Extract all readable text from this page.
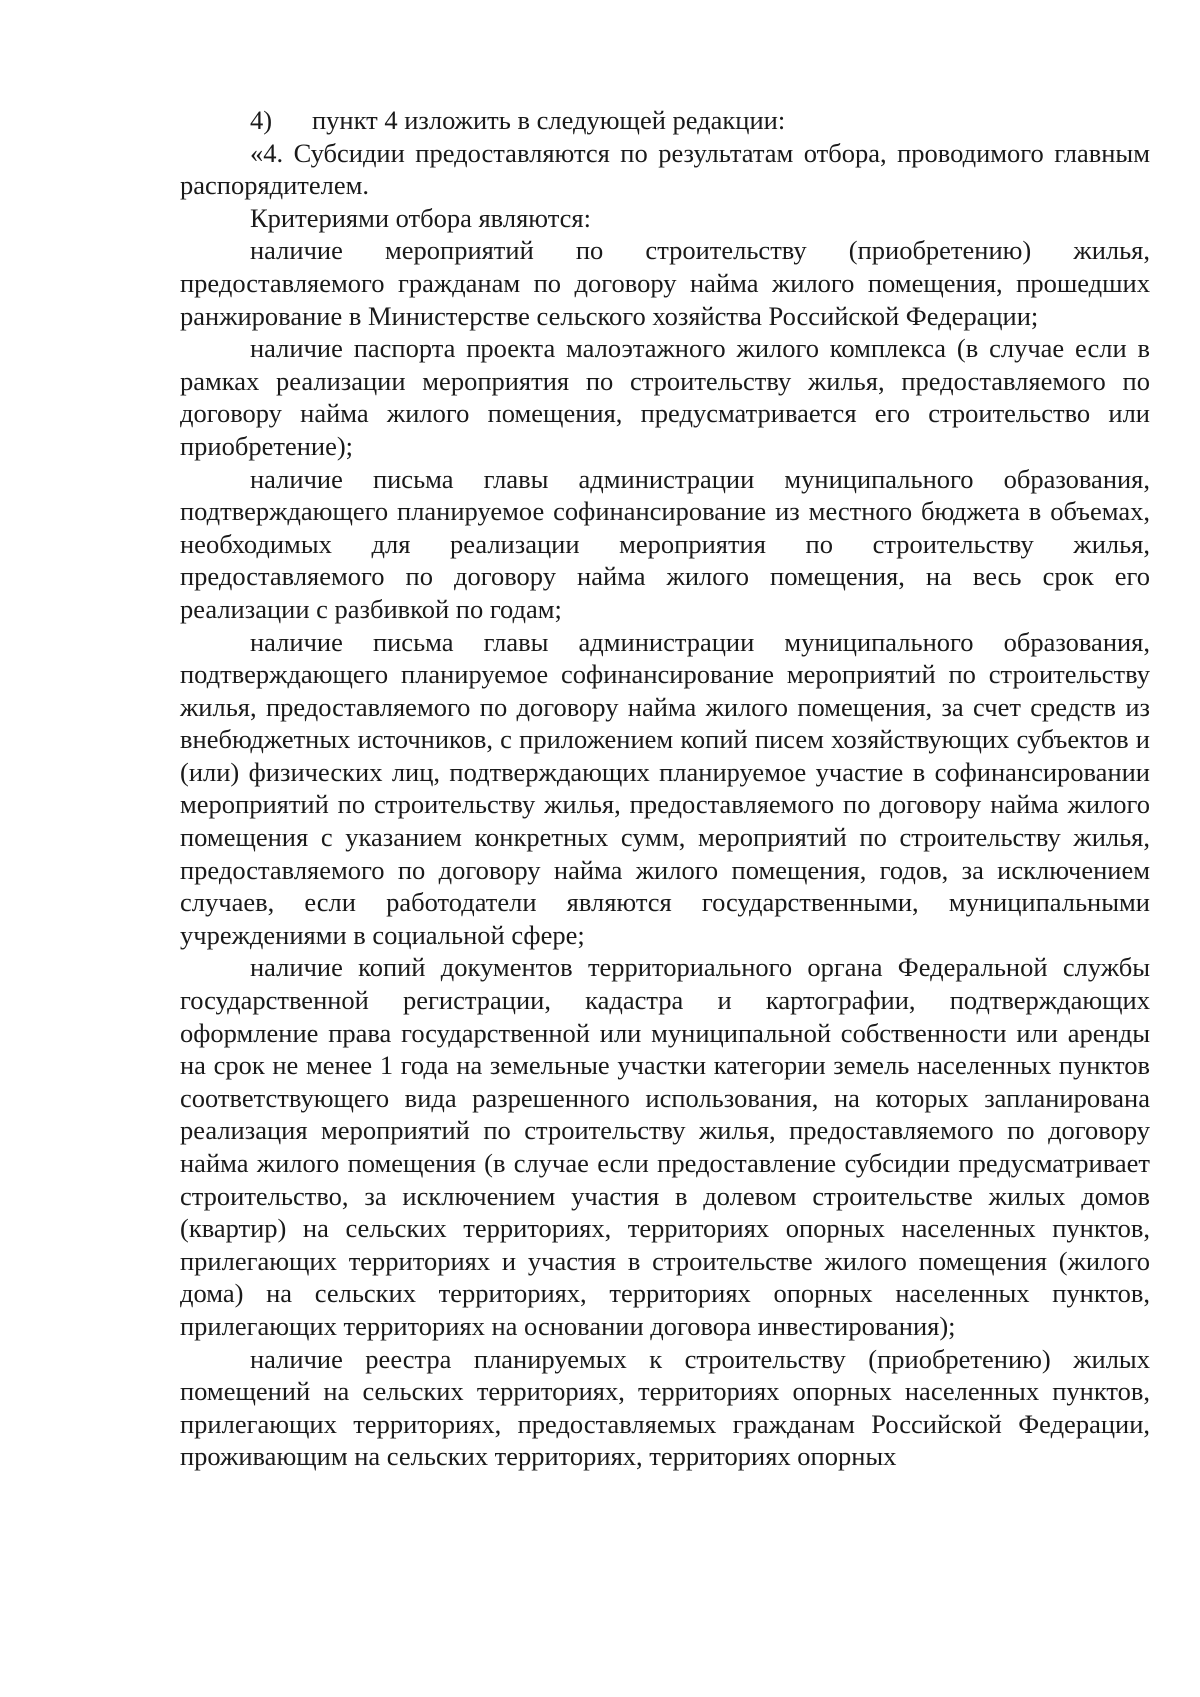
4) пункт 4 изложить в следующей редакции:

«4. Субсидии предоставляются по результатам отбора, проводимого главным распорядителем.

Критериями отбора являются:

наличие мероприятий по строительству (приобретению) жилья, предоставляемого гражданам по договору найма жилого помещения, прошедших ранжирование в Министерстве сельского хозяйства Российской Федерации;

наличие паспорта проекта малоэтажного жилого комплекса (в случае если в рамках реализации мероприятия по строительству жилья, предоставляемого по договору найма жилого помещения, предусматривается его строительство или приобретение);

наличие письма главы администрации муниципального образования, подтверждающего планируемое софинансирование из местного бюджета в объемах, необходимых для реализации мероприятия по строительству жилья, предоставляемого по договору найма жилого помещения, на весь срок его реализации с разбивкой по годам;

наличие письма главы администрации муниципального образования, подтверждающего планируемое софинансирование мероприятий по строительству жилья, предоставляемого по договору найма жилого помещения, за счет средств из внебюджетных источников, с приложением копий писем хозяйствующих субъектов и (или) физических лиц, подтверждающих планируемое участие в софинансировании мероприятий по строительству жилья, предоставляемого по договору найма жилого помещения с указанием конкретных сумм, мероприятий по строительству жилья, предоставляемого по договору найма жилого помещения, годов, за исключением случаев, если работодатели являются государственными, муниципальными учреждениями в социальной сфере;

наличие копий документов территориального органа Федеральной службы государственной регистрации, кадастра и картографии, подтверждающих оформление права государственной или муниципальной собственности или аренды на срок не менее 1 года на земельные участки категории земель населенных пунктов соответствующего вида разрешенного использования, на которых запланирована реализация мероприятий по строительству жилья, предоставляемого по договору найма жилого помещения (в случае если предоставление субсидии предусматривает строительство, за исключением участия в долевом строительстве жилых домов (квартир) на сельских территориях, территориях опорных населенных пунктов, прилегающих территориях и участия в строительстве жилого помещения (жилого дома) на сельских территориях, территориях опорных населенных пунктов, прилегающих территориях на основании договора инвестирования);

наличие реестра планируемых к строительству (приобретению) жилых помещений на сельских территориях, территориях опорных населенных пунктов, прилегающих территориях, предоставляемых гражданам Российской Федерации, проживающим на сельских территориях, территориях опорных
